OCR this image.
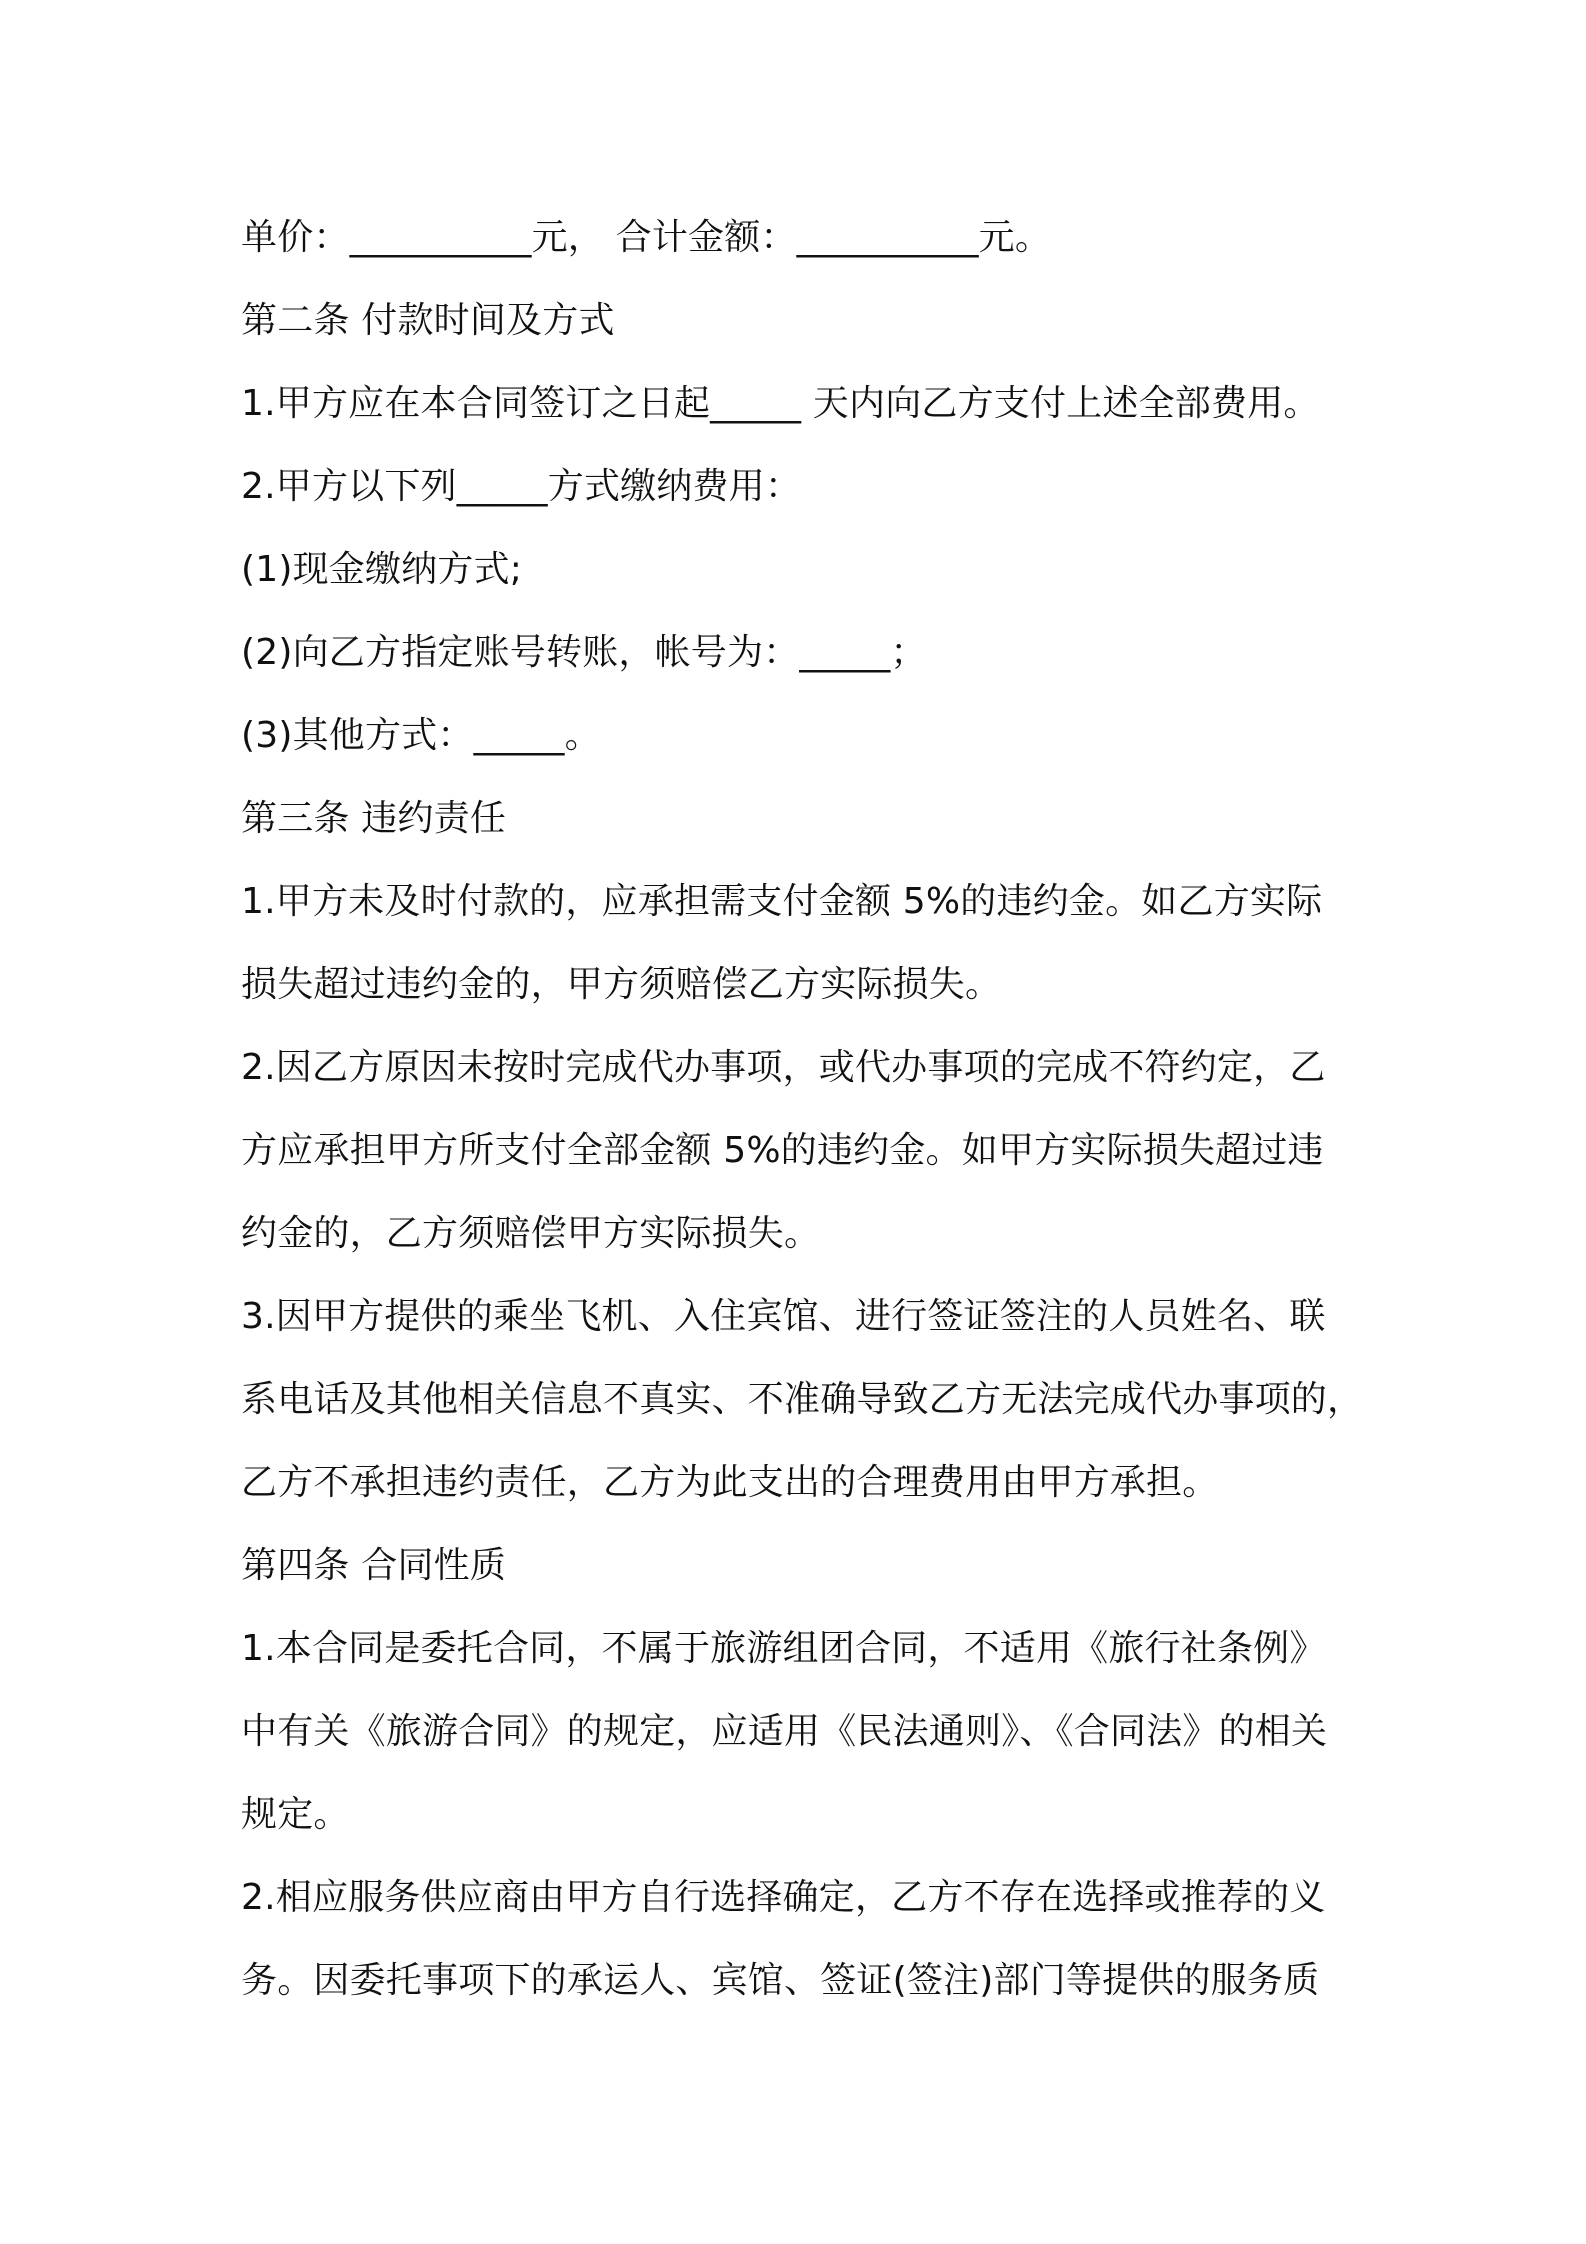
单价：__________元， 合计金额：__________元。

第二条 付款时间及方式

1.甲方应在本合同签订之日起_____ 天内向乙方支付上述全部费用。

2.甲方以下列_____方式缴纳费用：

(1)现金缴纳方式;

(2)向乙方指定账号转账，帐号为：_____；

(3)其他方式：_____。

第三条 违约责任

1.甲方未及时付款的，应承担需支付金额 5%的违约金。如乙方实际

损失超过违约金的，甲方须赔偿乙方实际损失。

2.因乙方原因未按时完成代办事项，或代办事项的完成不符约定，乙

方应承担甲方所支付全部金额 5%的违约金。如甲方实际损失超过违

约金的，乙方须赔偿甲方实际损失。

3.因甲方提供的乘坐飞机、入住宾馆、进行签证签注的人员姓名、联

系电话及其他相关信息不真实、不准确导致乙方无法完成代办事项的，

乙方不承担违约责任，乙方为此支出的合理费用由甲方承担。

第四条 合同性质

1.本合同是委托合同，不属于旅游组团合同，不适用《旅行社条例》

中有关《旅游合同》的规定，应适用《民法通则》、《合同法》的相关

规定。

2.相应服务供应商由甲方自行选择确定，乙方不存在选择或推荐的义

务。因委托事项下的承运人、宾馆、签证(签注)部门等提供的服务质
